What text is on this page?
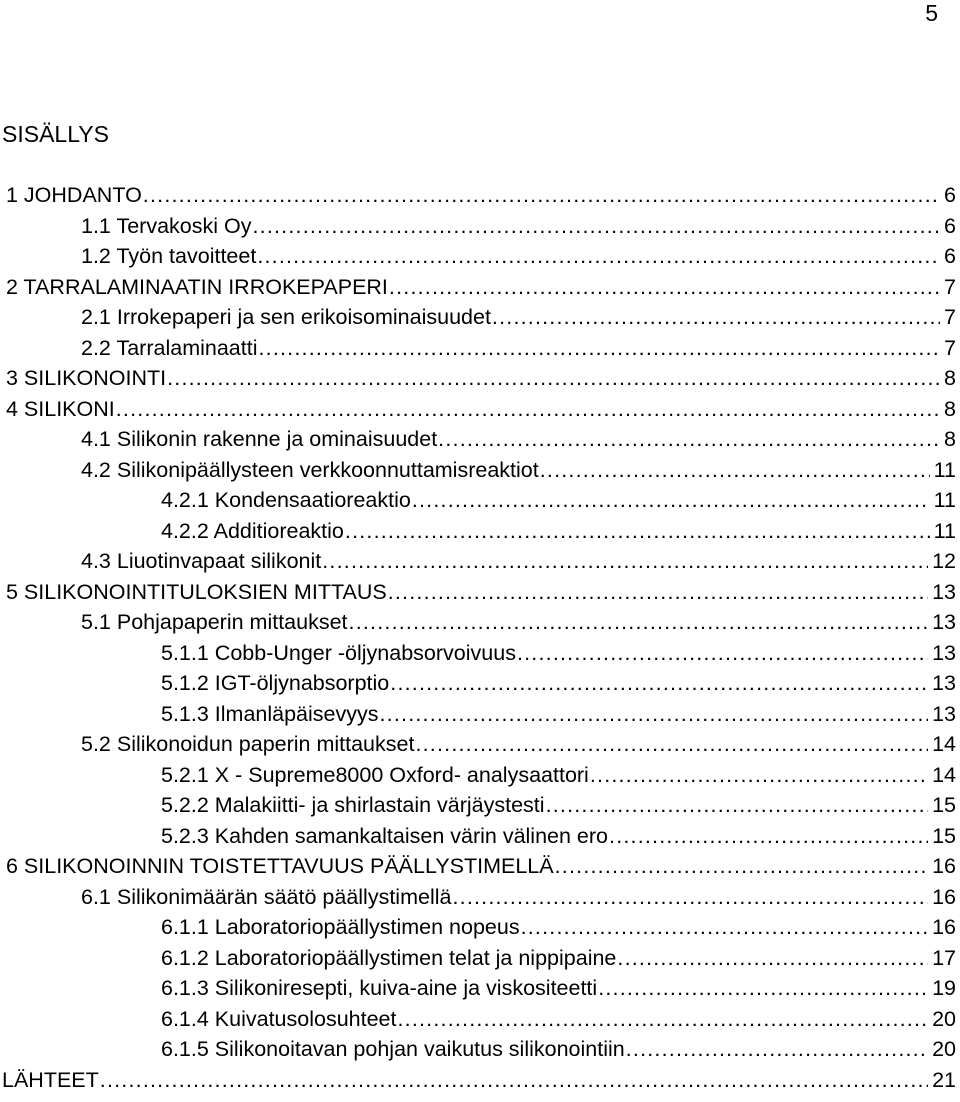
5
SISÄLLYS
1 JOHDANTO .....	6
1.1 Tervakoski Oy .....	6
1.2 Työn tavoitteet .....	6
2 TARRALAMINAATIN IRROKEPAPERI .....	7
2.1 Irrokepaperi ja sen erikoisominaisuudet .....	7
2.2 Tarralaminaatti .....	7
3 SILIKONOINTI .....	8
4 SILIKONI .....	8
4.1 Silikonin rakenne ja ominaisuudet .....	8
4.2 Silikonipäällysteen verkkoonnuttamisreaktiot .....	11
4.2.1 Kondensaatioreaktio .....	11
4.2.2 Additioreaktio .....	11
4.3 Liuotinvapaat silikonit .....	12
5 SILIKONOINTITULOKSIEN MITTAUS .....	13
5.1 Pohjapaperin mittaukset .....	13
5.1.1 Cobb-Unger -öljynabsorvoivuus .....	13
5.1.2 IGT-öljynabsorptio .....	13
5.1.3 Ilmanläpäisevyys .....	13
5.2 Silikonoidun paperin mittaukset .....	14
5.2.1 X - Supreme8000 Oxford- analysaattori .....	14
5.2.2 Malakiitti- ja shirlastain värjäystesti .....	15
5.2.3 Kahden samankaltaisen värin välinen ero .....	15
6 SILIKONOINNIN TOISTETTAVUUS PÄÄLLYSTIMELLÄ .....	16
6.1 Silikonimäärän säätö päällystimellä .....	16
6.1.1 Laboratoriopäällystimen nopeus .....	16
6.1.2 Laboratoriopäällystimen telat ja nippipaine .....	17
6.1.3 Silikoniresepti, kuiva-aine ja viskositeetti .....	19
6.1.4 Kuivatusolosuhteet .....	20
6.1.5 Silikonoitavan pohjan vaikutus silikonointiin .....	20
LÄHTEET .....	21
